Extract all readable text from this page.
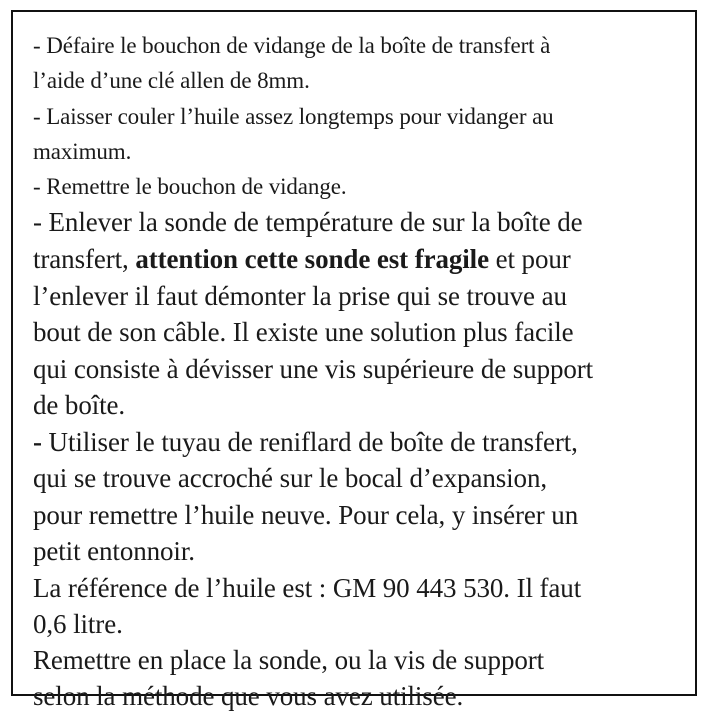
- Défaire le bouchon de vidange de la boîte de transfert à
l’aide d’une clé allen de 8mm.
- Laisser couler l’huile assez longtemps pour vidanger au
maximum.
- Remettre le bouchon de vidange.
- Enlever la sonde de température de sur la boîte de
transfert, attention cette sonde est fragile et pour
l’enlever il faut démonter la prise qui se trouve au
bout de son câble. Il existe une solution plus facile
qui consiste à dévisser une vis supérieure de support
de boîte.
- Utiliser le tuyau de reniflard de boîte de transfert,
qui se trouve accroché sur le bocal d’expansion,
pour remettre l’huile neuve. Pour cela, y insérer un
petit entonnoir.
La référence de l’huile est : GM 90 443 530. Il faut
0,6 litre.
Remettre en place la sonde, ou la vis de support
selon la méthode que vous avez utilisée.
